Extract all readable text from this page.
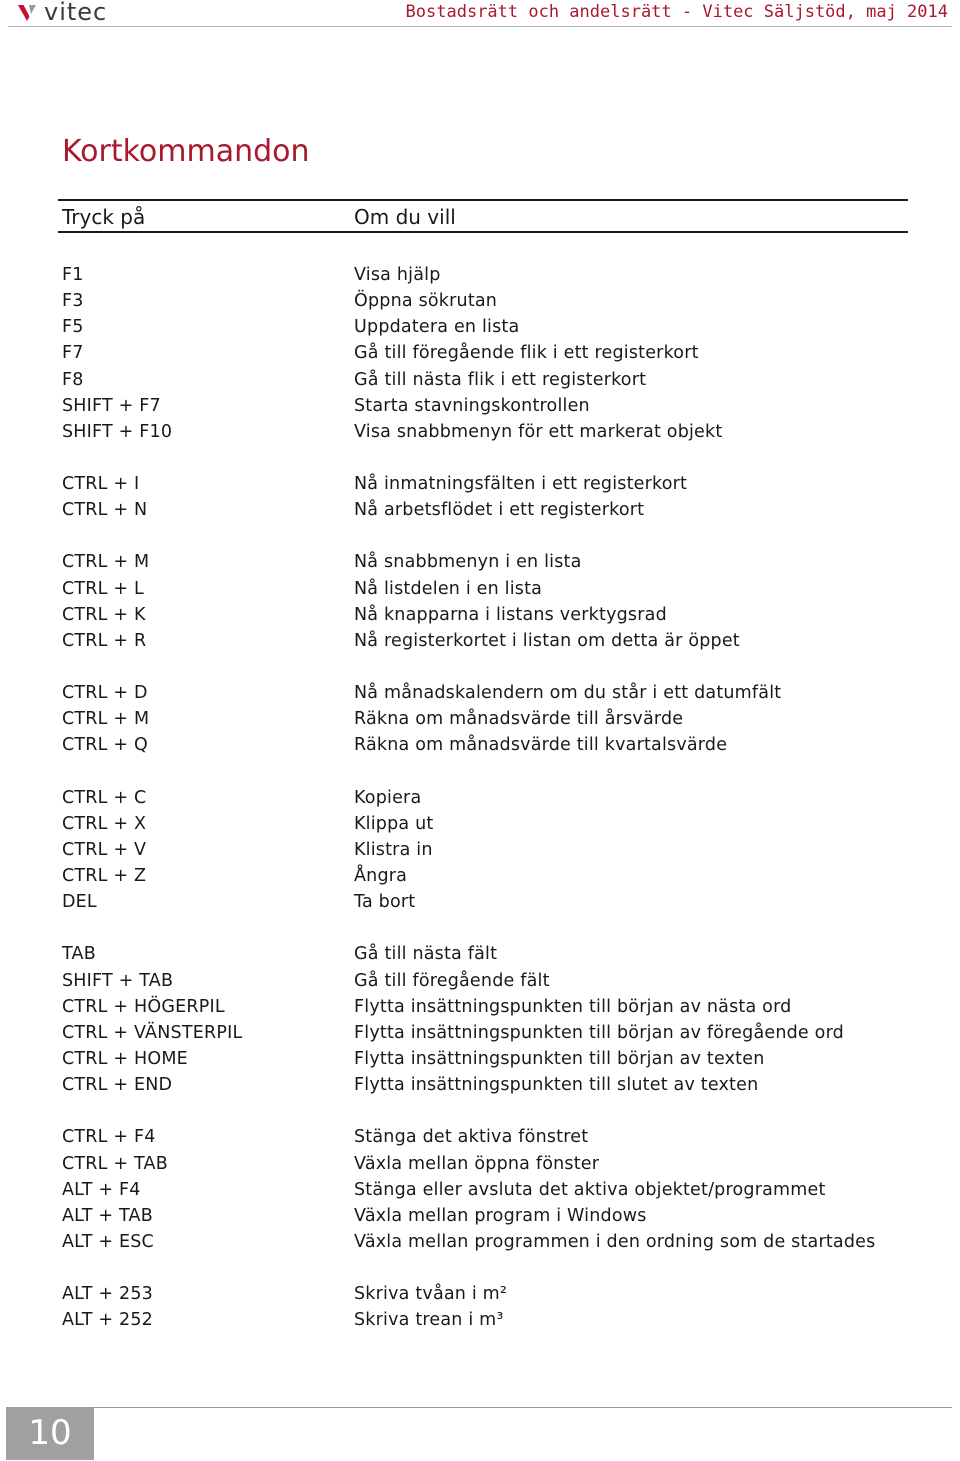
vitec	Bostadsrätt och andelsrätt - Vitec Säljstöd, maj 2014
Kortkommandon
Tryck på	Om du vill
F1	Visa hjälp
F3	Öppna sökrutan
F5	Uppdatera en lista
F7	Gå till föregående flik i ett registerkort
F8	Gå till nästa flik i ett registerkort
SHIFT + F7	Starta stavningskontrollen
SHIFT + F10	Visa snabbmenyn för ett markerat objekt
CTRL + I	Nå inmatningsfälten i ett registerkort
CTRL + N	Nå arbetsflödet i ett registerkort
CTRL + M	Nå snabbmenyn i en lista
CTRL + L	Nå listdelen i en lista
CTRL + K	Nå knapparna i listans verktygsrad
CTRL + R	Nå registerkortet i listan om detta är öppet
CTRL + D	Nå månadskalendern om du står i ett datumfält
CTRL + M	Räkna om månadsvärde till årsvärde
CTRL + Q	Räkna om månadsvärde till kvartalsvärde
CTRL + C	Kopiera
CTRL + X	Klippa ut
CTRL + V	Klistra in
CTRL + Z	Ångra
DEL	Ta bort
TAB	Gå till nästa fält
SHIFT + TAB	Gå till föregående fält
CTRL + HÖGERPIL	Flytta insättningspunkten till början av nästa ord
CTRL + VÄNSTERPIL	Flytta insättningspunkten till början av föregående ord
CTRL + HOME	Flytta insättningspunkten till början av texten
CTRL + END	Flytta insättningspunkten till slutet av texten
CTRL + F4	Stänga det aktiva fönstret
CTRL + TAB	Växla mellan öppna fönster
ALT + F4	Stänga eller avsluta det aktiva objektet/programmet
ALT + TAB	Växla mellan program i Windows
ALT + ESC	Växla mellan programmen i den ordning som de startades
ALT + 253	Skriva tvåan i m²
ALT + 252	Skriva trean i m³
10
